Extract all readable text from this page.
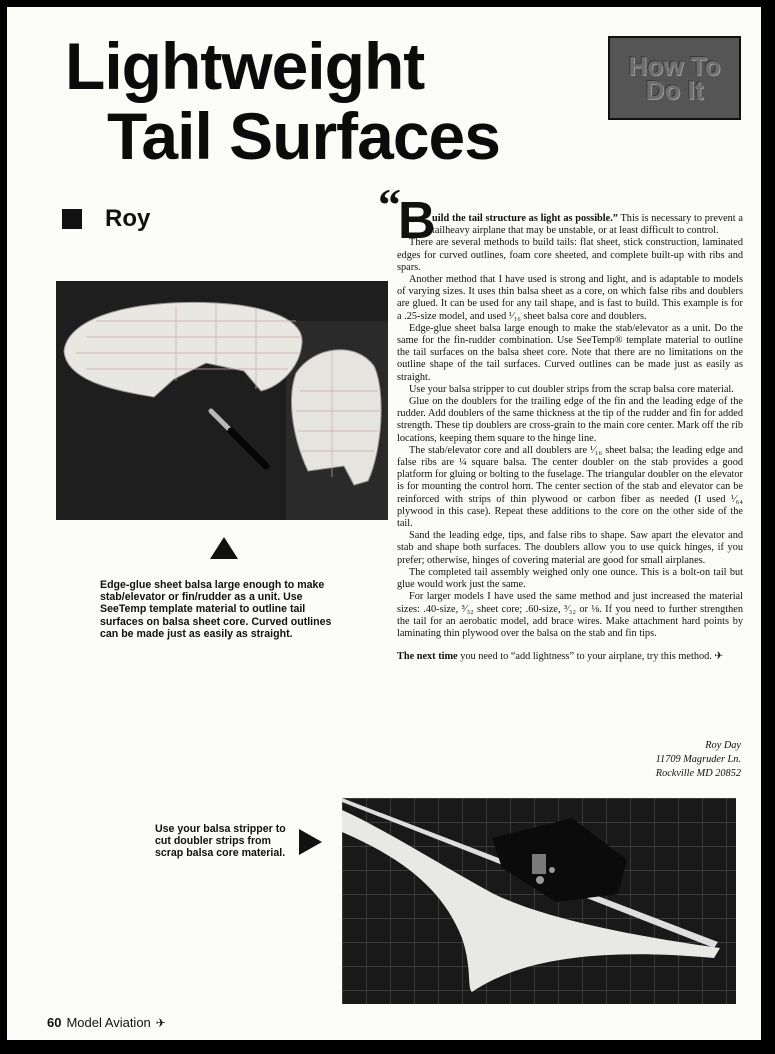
Lightweight
Tail Surfaces
How To
Do It
Roy	“
B

uild the tail structure as light as possible.” This is necessary to prevent a tailheavy airplane that may be unstable, or at least difficult to control.

There are several methods to build tails: flat sheet, stick construction, laminated edges for curved outlines, foam core sheeted, and complete built-up with ribs and spars.

Another method that I have used is strong and light, and is adaptable to models of varying sizes. It uses thin balsa sheet as a core, on which false ribs and doublers are glued. It can be used for any tail shape, and is fast to build. This example is for a .25-size model, and used ¹⁄₁₆ sheet balsa core and doublers.

Edge-glue sheet balsa large enough to make the stab/elevator as a unit. Do the same for the fin-rudder combination. Use SeeTemp® template material to outline the tail surfaces on the balsa sheet core. Note that there are no limitations on the outline shape of the tail surfaces. Curved outlines can be made just as easily as straight.

Use your balsa stripper to cut doubler strips from the scrap balsa core material.

Glue on the doublers for the trailing edge of the fin and the leading edge of the rudder. Add doublers of the same thickness at the tip of the rudder and fin for added strength. These tip doublers are cross-grain to the main core center. Mark off the rib locations, keeping them square to the hinge line.

The stab/elevator core and all doublers are ¹⁄₁₆ sheet balsa; the leading edge and false ribs are ¼ square balsa. The center doubler on the stab provides a good platform for gluing or bolting to the fuselage. The triangular doubler on the elevator is for mounting the control horn. The center section of the stab and elevator can be reinforced with strips of thin plywood or carbon fiber as needed (I used ¹⁄₆₄ plywood in this case). Repeat these additions to the core on the other side of the tail.

Sand the leading edge, tips, and false ribs to shape. Saw apart the elevator and stab and shape both surfaces. The doublers allow you to use quick hinges, if you prefer; otherwise, hinges of covering material are good for small airplanes.

The completed tail assembly weighed only one ounce. This is a bolt-on tail but glue would work just the same.

For larger models I have used the same method and just increased the material sizes: .40-size, ³⁄₃₂ sheet core; .60-size, ³⁄₃₂ or ⅛. If you need to further strengthen the tail for an aerobatic model, add brace wires. Make attachment hard points by laminating thin plywood over the balsa on the stab and fin tips.

The next time you need to “add lightness” to your airplane, try this method. ✈

Roy Day
11709 Magruder Ln.
Rockville MD 20852
Edge-glue sheet balsa large enough to make stab/elevator or fin/rudder as a unit. Use SeeTemp template material to outline tail surfaces on balsa sheet core. Curved outlines can be made just as easily as straight.
Use your balsa stripper to cut doubler strips from scrap balsa core material.
60 Model Aviation ✈
